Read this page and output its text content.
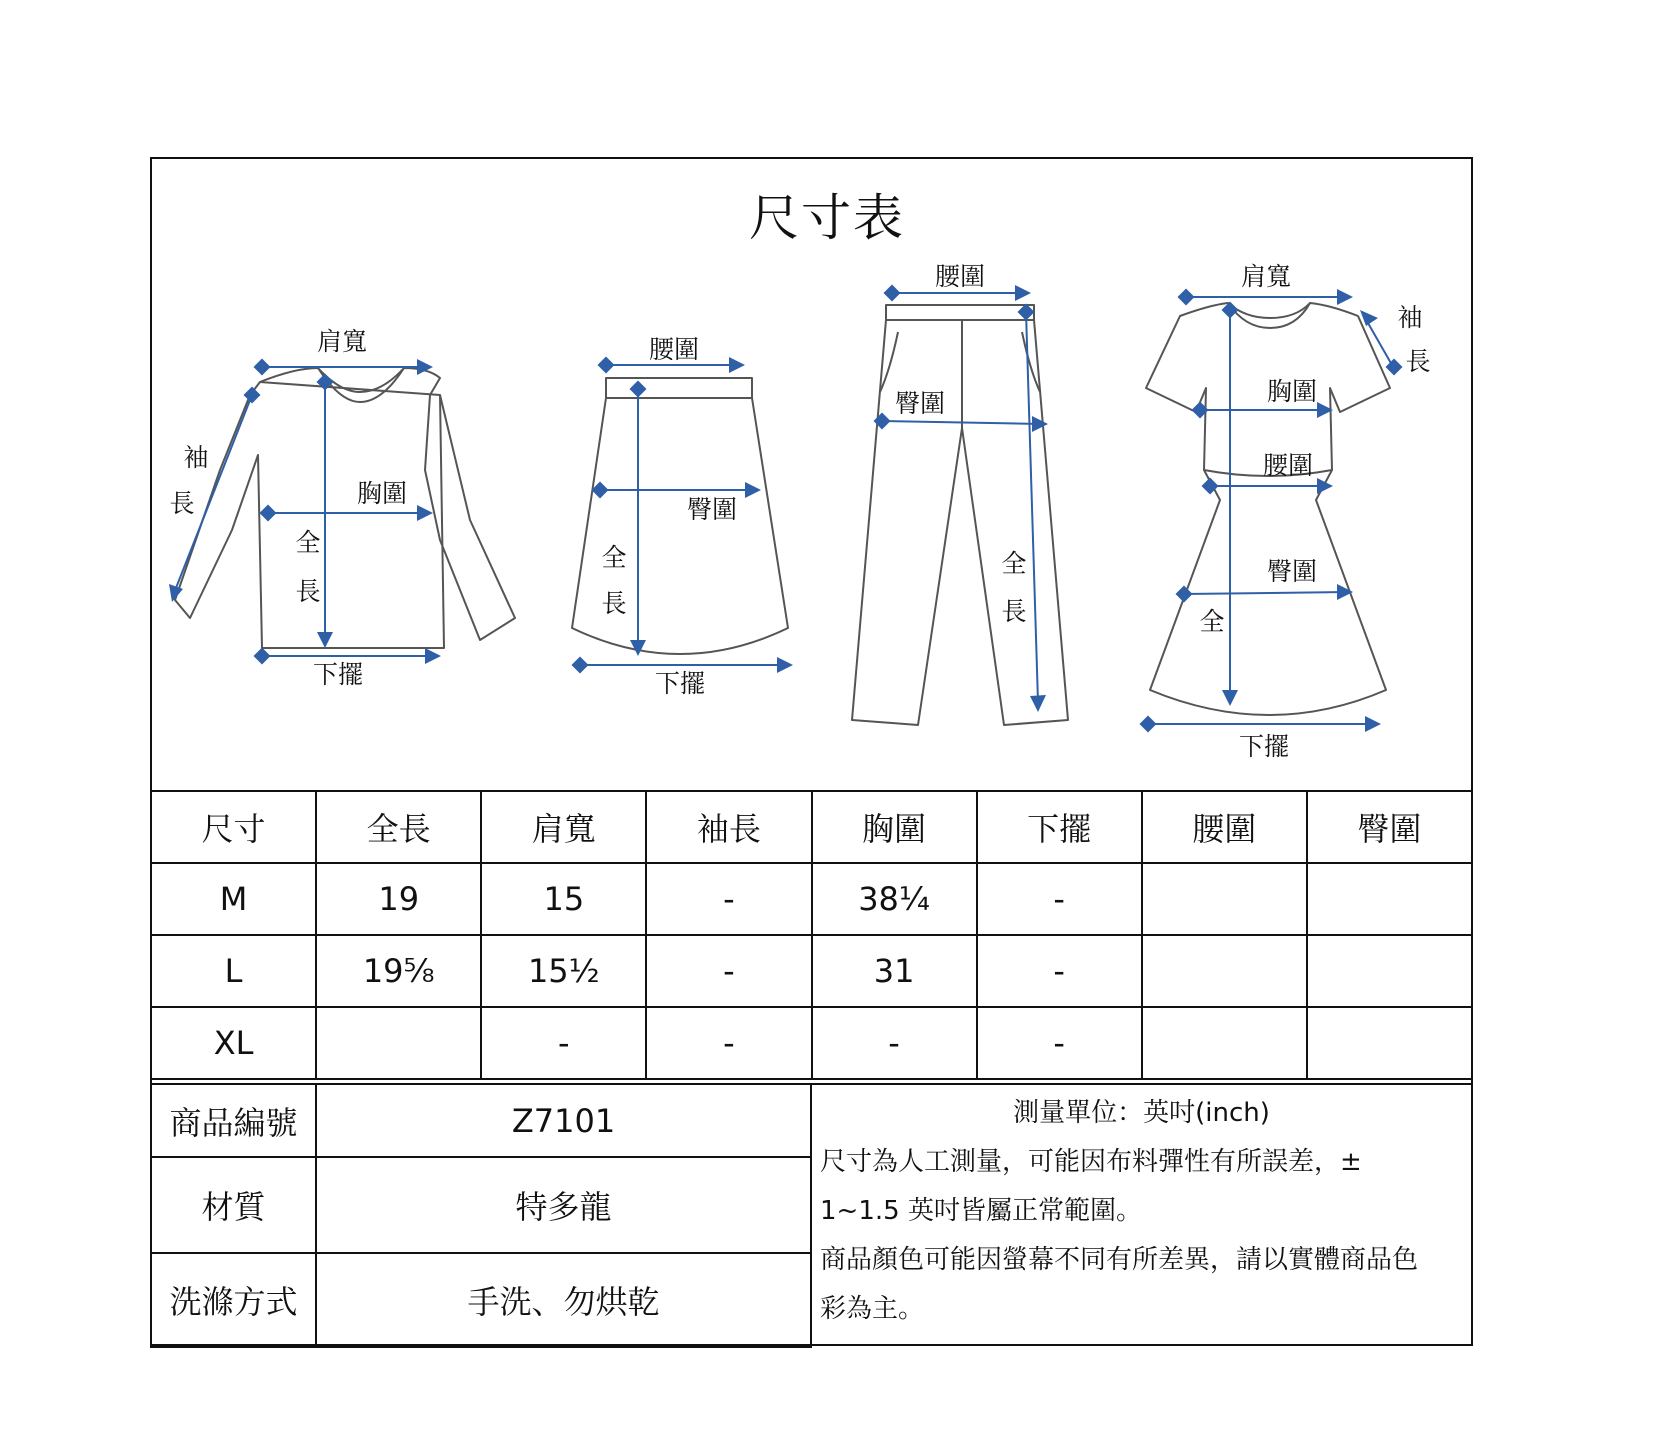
尺寸表
肩寬
袖
長	胸圍
全
長
下擺
腰圍
臀圍
全
長
下擺
腰圍
臀圍
全
長
肩寬
袖
長
胸圍
腰圍
臀圍
全
下擺
尺寸	全長	肩寬	袖長	胸圍	下擺	腰圍	臀圍
M	19	15	-	38¼	-		
L	19⅝	15½	-	31	-		
XL		-	-	-	-		
商品編號	Z7101
材質	特多龍
洗滌方式	手洗、勿烘乾
測量單位：英吋(inch)
尺寸為人工測量，可能因布料彈性有所誤差，±
1~1.5 英吋皆屬正常範圍。
商品顏色可能因螢幕不同有所差異，請以實體商品色
彩為主。
